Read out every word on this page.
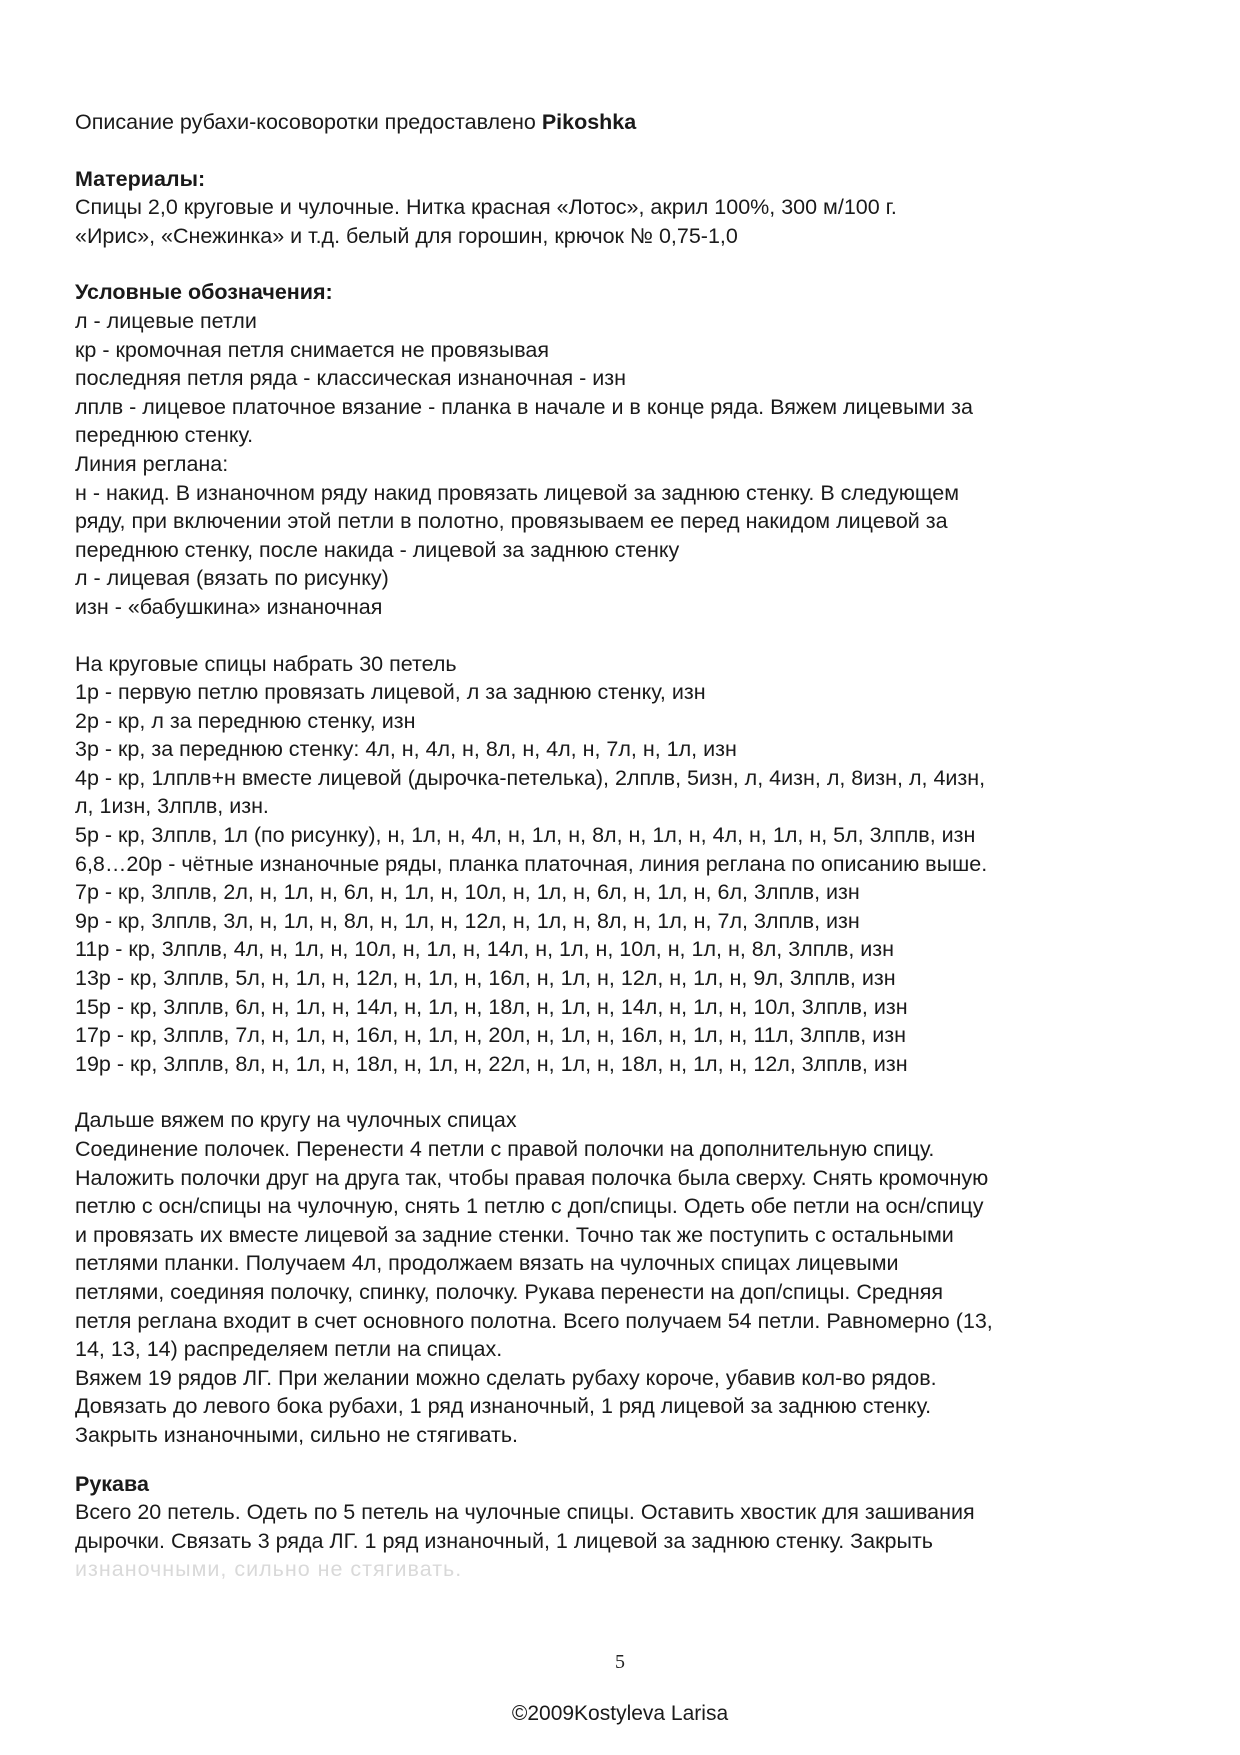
Описание рубахи-косоворотки предоставлено Pikoshka
Материалы:
Спицы 2,0 круговые и чулочные. Нитка красная «Лотос», акрил 100%, 300 м/100 г.
«Ирис», «Снежинка» и т.д. белый для горошин, крючок № 0,75-1,0
Условные обозначения:
л - лицевые петли
кр - кромочная петля снимается не провязывая
последняя петля ряда - классическая изнаночная - изн
лплв - лицевое платочное вязание - планка в начале и в конце ряда. Вяжем лицевыми за
переднюю стенку.
Линия реглана:
н - накид. В изнаночном ряду накид провязать лицевой за заднюю стенку. В следующем
ряду, при включении этой петли в полотно, провязываем ее перед накидом лицевой за
переднюю стенку, после накида - лицевой за заднюю стенку
л - лицевая (вязать по рисунку)
изн - «бабушкина» изнаночная
На круговые спицы набрать 30 петель
1р - первую петлю провязать лицевой, л за заднюю стенку, изн
2р - кр, л за переднюю стенку, изн
3р - кр, за переднюю стенку: 4л, н, 4л, н, 8л, н, 4л, н, 7л, н, 1л, изн
4р - кр, 1лплв+н вместе лицевой (дырочка-петелька), 2лплв, 5изн, л, 4изн, л, 8изн, л, 4изн,
л, 1изн, 3лплв, изн.
5р - кр, 3лплв, 1л (по рисунку), н, 1л, н, 4л, н, 1л, н, 8л, н, 1л, н, 4л, н, 1л, н, 5л, 3лплв, изн
6,8…20р - чётные изнаночные ряды, планка платочная, линия реглана по описанию выше.
7р - кр, 3лплв, 2л, н, 1л, н, 6л, н, 1л, н, 10л, н, 1л, н, 6л, н, 1л, н, 6л, 3лплв, изн
9р - кр, 3лплв, 3л, н, 1л, н, 8л, н, 1л, н, 12л, н, 1л, н, 8л, н, 1л, н, 7л, 3лплв, изн
11р - кр, 3лплв, 4л, н, 1л, н, 10л, н, 1л, н, 14л, н, 1л, н, 10л, н, 1л, н, 8л, 3лплв, изн
13р - кр, 3лплв, 5л, н, 1л, н, 12л, н, 1л, н, 16л, н, 1л, н, 12л, н, 1л, н, 9л, 3лплв, изн
15р - кр, 3лплв, 6л, н, 1л, н, 14л, н, 1л, н, 18л, н, 1л, н, 14л, н, 1л, н, 10л, 3лплв, изн
17р - кр, 3лплв, 7л, н, 1л, н, 16л, н, 1л, н, 20л, н, 1л, н, 16л, н, 1л, н, 11л, 3лплв, изн
19р - кр, 3лплв, 8л, н, 1л, н, 18л, н, 1л, н, 22л, н, 1л, н, 18л, н, 1л, н, 12л, 3лплв, изн
Дальше вяжем по кругу на чулочных спицах
Соединение полочек. Перенести 4 петли с правой полочки на дополнительную спицу.
Наложить полочки друг на друга так, чтобы правая полочка была сверху. Снять кромочную
петлю с осн/спицы на чулочную, снять 1 петлю с доп/спицы. Одеть обе петли на осн/спицу
и провязать их вместе лицевой за задние стенки. Точно так же поступить с остальными
петлями планки. Получаем 4л, продолжаем вязать на чулочных спицах лицевыми
петлями, соединяя полочку, спинку, полочку. Рукава перенести на доп/спицы. Средняя
петля реглана входит в счет основного полотна. Всего получаем 54 петли. Равномерно (13,
14, 13, 14) распределяем петли на спицах.
Вяжем 19 рядов ЛГ. При желании можно сделать рубаху короче, убавив кол-во рядов.
Довязать до левого бока рубахи, 1 ряд изнаночный, 1 ряд лицевой за заднюю стенку.
Закрыть изнаночными, сильно не стягивать.
Рукава
Всего 20 петель. Одеть по 5 петель на чулочные спицы. Оставить хвостик для зашивания
дырочки. Связать 3 ряда ЛГ. 1 ряд изнаночный, 1 лицевой за заднюю стенку. Закрыть
изнаночными, сильно не стягивать.
5
©2009Kostyleva Larisa
